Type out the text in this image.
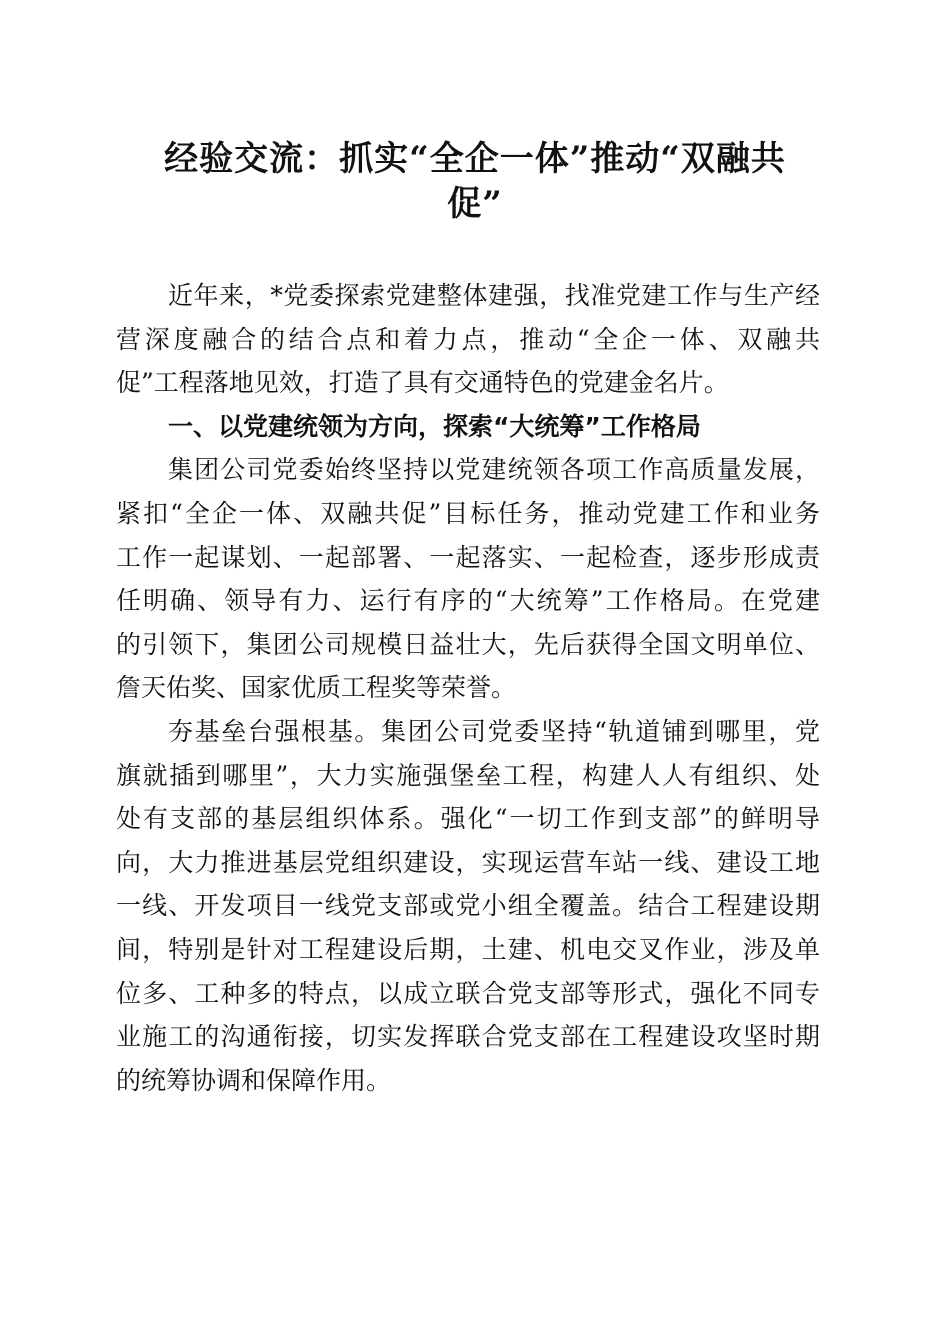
经验交流：抓实“全企一体”推动“双融共
促”
近年来，*党委探索党建整体建强，找准党建工作与生产经
营深度融合的结合点和着力点，推动“全企一体、双融共
促”工程落地见效，打造了具有交通特色的党建金名片。
一、以党建统领为方向，探索“大统筹”工作格局
集团公司党委始终坚持以党建统领各项工作高质量发展，
紧扣“全企一体、双融共促”目标任务，推动党建工作和业务
工作一起谋划、一起部署、一起落实、一起检查，逐步形成责
任明确、领导有力、运行有序的“大统筹”工作格局。在党建
的引领下，集团公司规模日益壮大，先后获得全国文明单位、
詹天佑奖、国家优质工程奖等荣誉。
夯基垒台强根基。集团公司党委坚持“轨道铺到哪里，党
旗就插到哪里”，大力实施强堡垒工程，构建人人有组织、处
处有支部的基层组织体系。强化“一切工作到支部”的鲜明导
向，大力推进基层党组织建设，实现运营车站一线、建设工地
一线、开发项目一线党支部或党小组全覆盖。结合工程建设期
间，特别是针对工程建设后期，土建、机电交叉作业，涉及单
位多、工种多的特点，以成立联合党支部等形式，强化不同专
业施工的沟通衔接，切实发挥联合党支部在工程建设攻坚时期
的统筹协调和保障作用。
